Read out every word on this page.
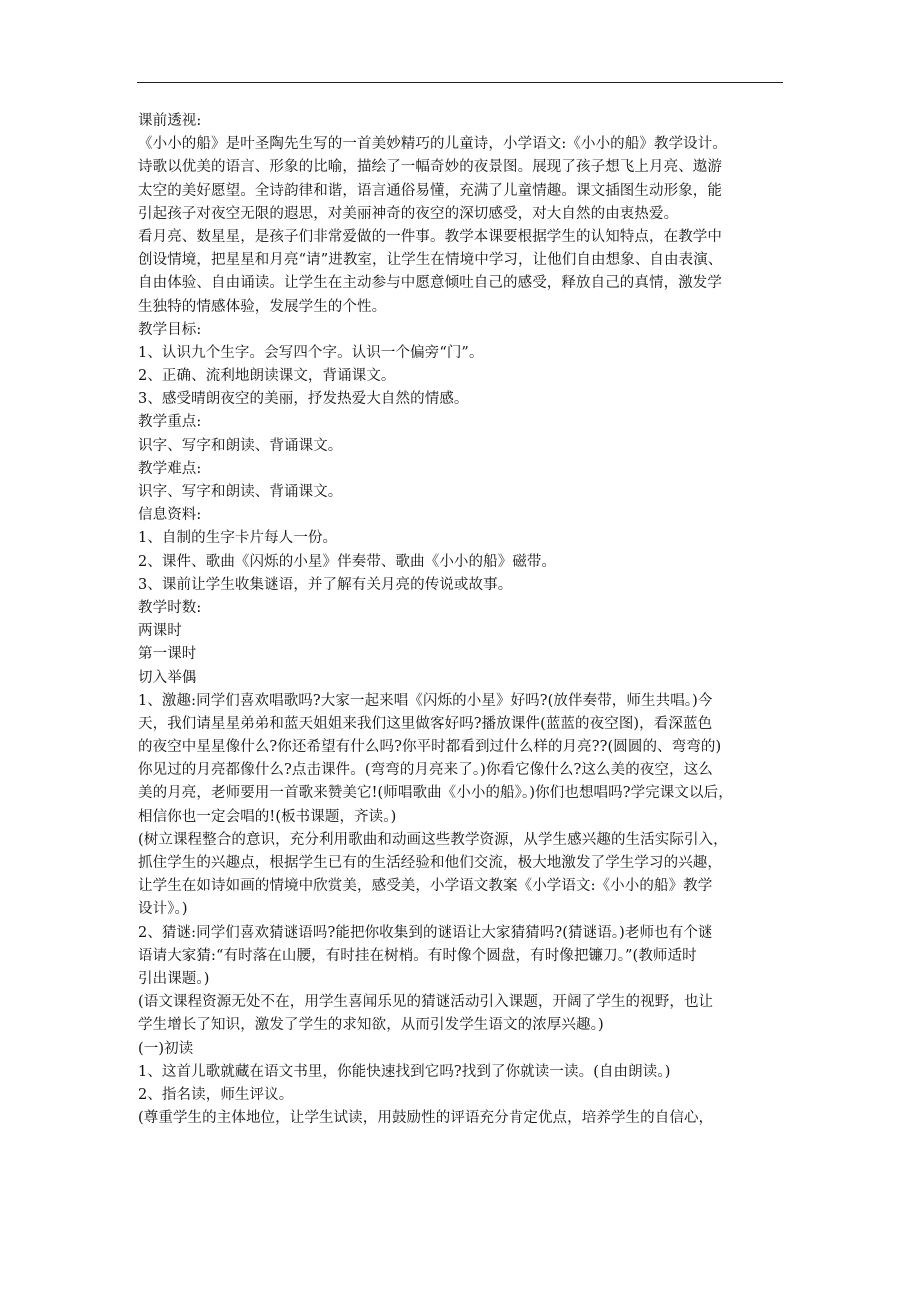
课前透视:
《小小的船》是叶圣陶先生写的一首美妙精巧的儿童诗，小学语文:《小小的船》教学设计。
诗歌以优美的语言、形象的比喻，描绘了一幅奇妙的夜景图。展现了孩子想飞上月亮、遨游
太空的美好愿望。全诗韵律和谐，语言通俗易懂，充满了儿童情趣。课文插图生动形象，能
引起孩子对夜空无限的遐思，对美丽神奇的夜空的深切感受，对大自然的由衷热爱。
看月亮、数星星，是孩子们非常爱做的一件事。教学本课要根据学生的认知特点，在教学中
创设情境，把星星和月亮“请”进教室，让学生在情境中学习，让他们自由想象、自由表演、
自由体验、自由诵读。让学生在主动参与中愿意倾吐自己的感受，释放自己的真情，激发学
生独特的情感体验，发展学生的个性。
教学目标:
1、认识九个生字。会写四个字。认识一个偏旁“门”。
2、正确、流利地朗读课文，背诵课文。
3、感受晴朗夜空的美丽，抒发热爱大自然的情感。
教学重点:
识字、写字和朗读、背诵课文。
教学难点:
识字、写字和朗读、背诵课文。
信息资料:
1、自制的生字卡片每人一份。
2、课件、歌曲《闪烁的小星》伴奏带、歌曲《小小的船》磁带。
3、课前让学生收集谜语，并了解有关月亮的传说或故事。
教学时数:
两课时
第一课时
切入举偶
1、激趣:同学们喜欢唱歌吗?大家一起来唱《闪烁的小星》好吗?(放伴奏带，师生共唱。)今
天，我们请星星弟弟和蓝天姐姐来我们这里做客好吗?播放课件(蓝蓝的夜空图)，看深蓝色
的夜空中星星像什么?你还希望有什么吗?你平时都看到过什么样的月亮??(圆圆的、弯弯的)
你见过的月亮都像什么?点击课件。(弯弯的月亮来了。)你看它像什么?这么美的夜空，这么
美的月亮，老师要用一首歌来赞美它!(师唱歌曲《小小的船》。)你们也想唱吗?学完课文以后，
相信你也一定会唱的!(板书课题，齐读。)
(树立课程整合的意识，充分利用歌曲和动画这些教学资源，从学生感兴趣的生活实际引入，
抓住学生的兴趣点，根据学生已有的生活经验和他们交流，极大地激发了学生学习的兴趣，
让学生在如诗如画的情境中欣赏美，感受美，小学语文教案《小学语文:《小小的船》教学
设计》。)
2、猜谜:同学们喜欢猜谜语吗?能把你收集到的谜语让大家猜猜吗?(猜谜语。)老师也有个谜
语请大家猜:“有时落在山腰，有时挂在树梢。有时像个圆盘，有时像把镰刀。”(教师适时
引出课题。)
(语文课程资源无处不在，用学生喜闻乐见的猜谜活动引入课题，开阔了学生的视野，也让
学生增长了知识，激发了学生的求知欲，从而引发学生语文的浓厚兴趣。)
(一)初读
1、这首儿歌就藏在语文书里，你能快速找到它吗?找到了你就读一读。(自由朗读。)
2、指名读，师生评议。
(尊重学生的主体地位，让学生试读，用鼓励性的评语充分肯定优点，培养学生的自信心，
